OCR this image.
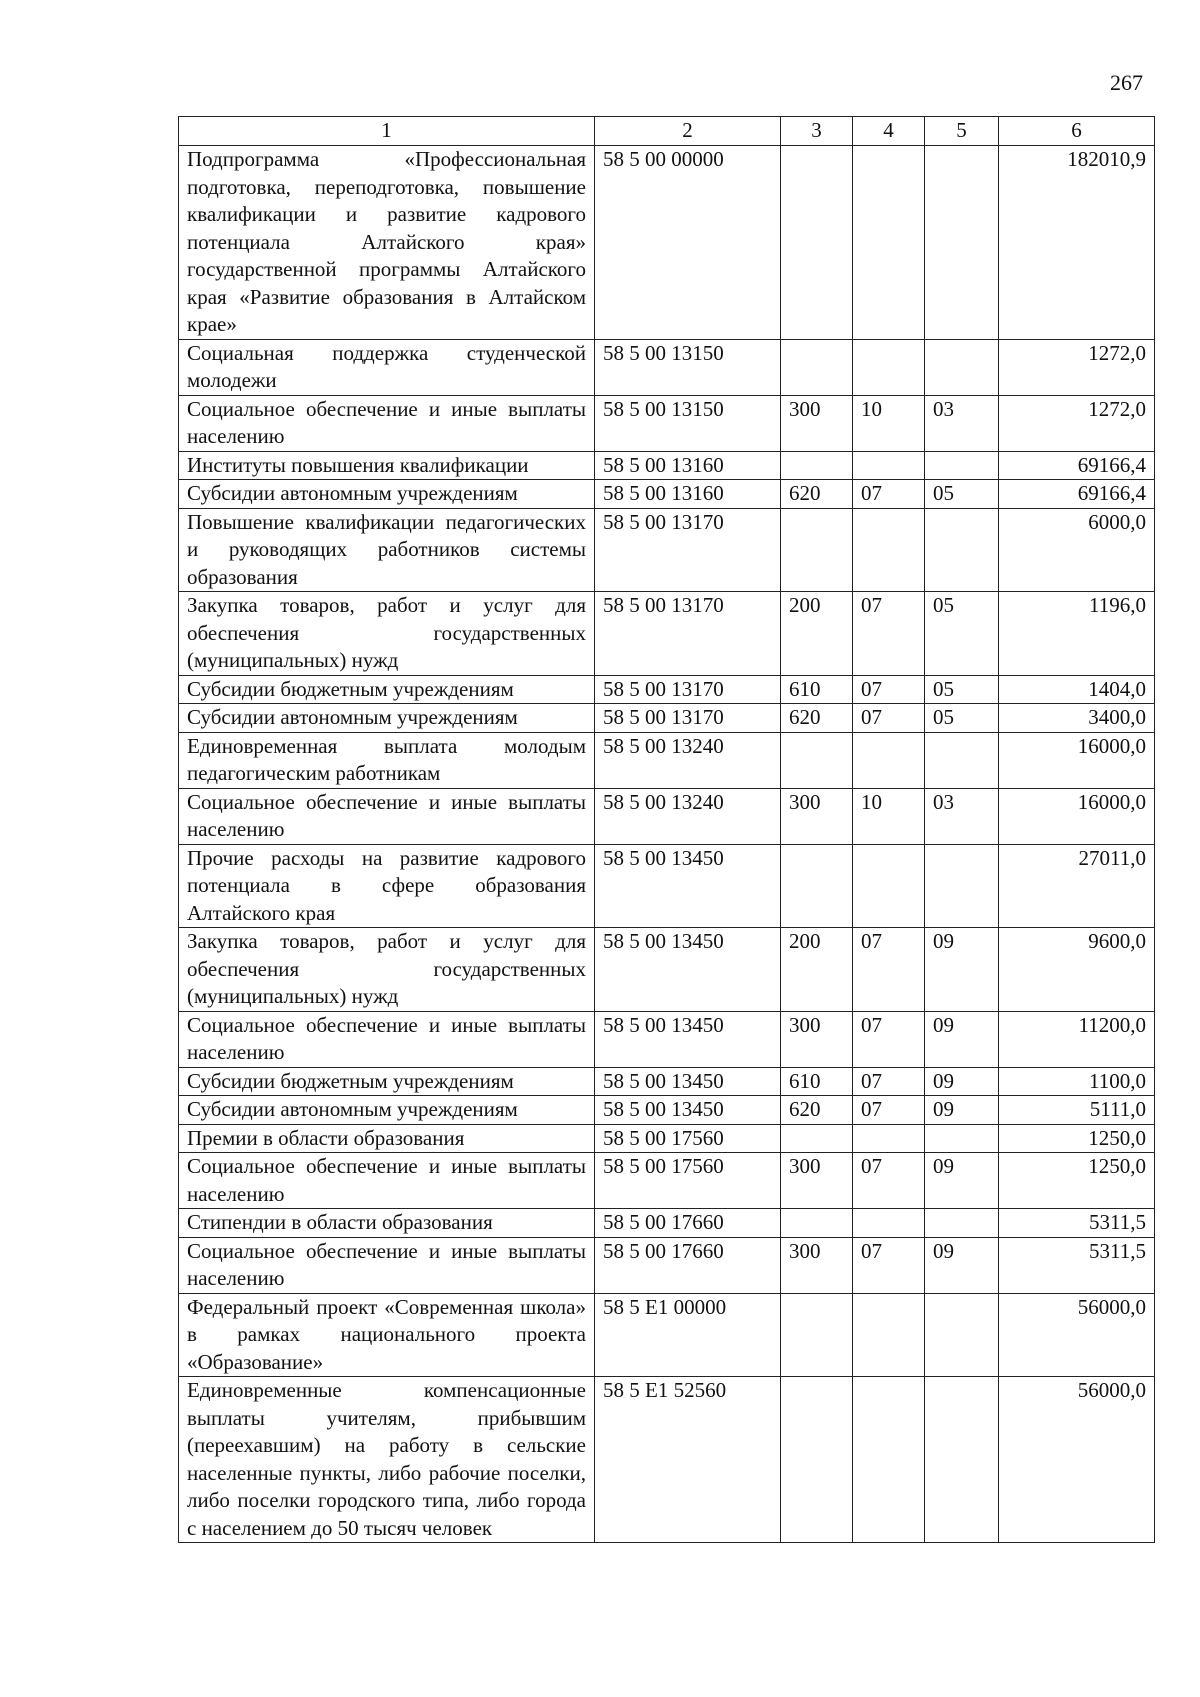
267
1	2	3	4	5	6
Подпрограмма «Профессиональная подготовка, переподготовка, повышение квалификации и развитие кадрового потенциала Алтайского края» государственной программы Алтайского края «Развитие образования в Алтайском крае»	58 5 00 00000				182010,9
Социальная поддержка студенческой молодежи	58 5 00 13150				1272,0
Социальное обеспечение и иные выплаты населению	58 5 00 13150	300	10	03	1272,0
Институты повышения квалификации	58 5 00 13160				69166,4
Субсидии автономным учреждениям	58 5 00 13160	620	07	05	69166,4
Повышение квалификации педагогических и руководящих работников системы образования	58 5 00 13170				6000,0
Закупка товаров, работ и услуг для обеспечения государственных (муниципальных) нужд	58 5 00 13170	200	07	05	1196,0
Субсидии бюджетным учреждениям	58 5 00 13170	610	07	05	1404,0
Субсидии автономным учреждениям	58 5 00 13170	620	07	05	3400,0
Единовременная выплата молодым педагогическим работникам	58 5 00 13240				16000,0
Социальное обеспечение и иные выплаты населению	58 5 00 13240	300	10	03	16000,0
Прочие расходы на развитие кадрового потенциала в сфере образования Алтайского края	58 5 00 13450				27011,0
Закупка товаров, работ и услуг для обеспечения государственных (муниципальных) нужд	58 5 00 13450	200	07	09	9600,0
Социальное обеспечение и иные выплаты населению	58 5 00 13450	300	07	09	11200,0
Субсидии бюджетным учреждениям	58 5 00 13450	610	07	09	1100,0
Субсидии автономным учреждениям	58 5 00 13450	620	07	09	5111,0
Премии в области образования	58 5 00 17560				1250,0
Социальное обеспечение и иные выплаты населению	58 5 00 17560	300	07	09	1250,0
Стипендии в области образования	58 5 00 17660				5311,5
Социальное обеспечение и иные выплаты населению	58 5 00 17660	300	07	09	5311,5
Федеральный проект «Современная школа» в рамках национального проекта «Образование»	58 5 E1 00000				56000,0
Единовременные компенсационные выплаты учителям, прибывшим (переехавшим) на работу в сельские населенные пункты, либо рабочие поселки, либо поселки городского типа, либо города с населением до 50 тысяч человек	58 5 E1 52560				56000,0
